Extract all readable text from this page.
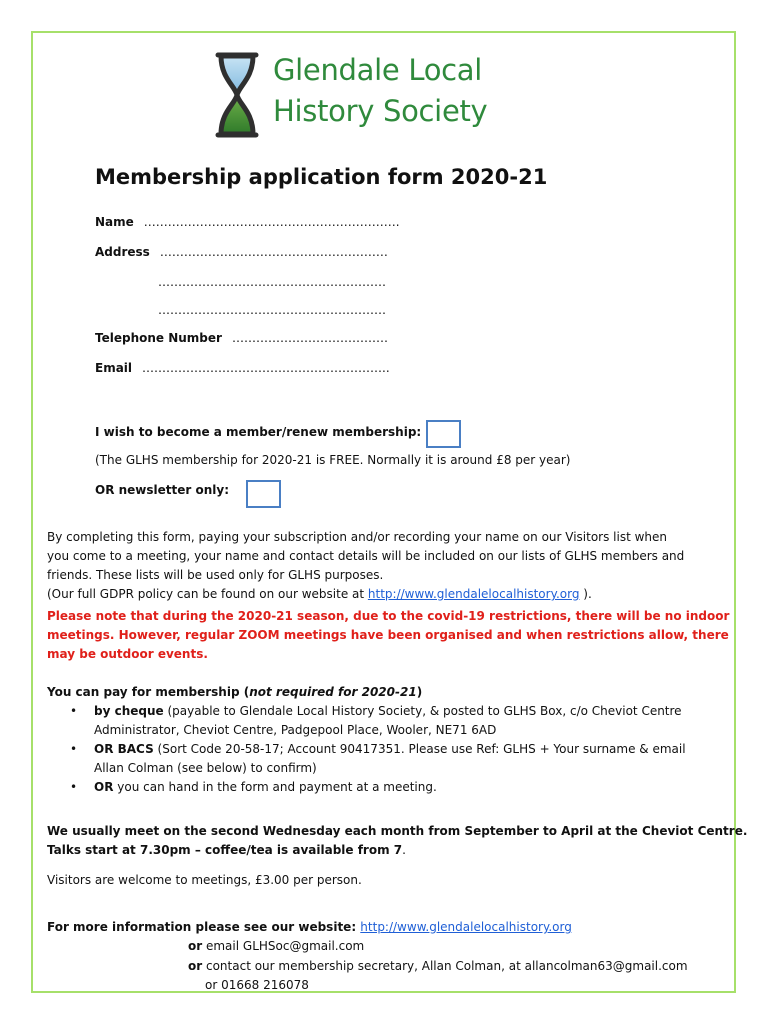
Glendale Local
History Society
Membership application form 2020-21
Name ……………………………………………………….
Address …………………………………………………
…………………………………………………
…………………………………………………
Telephone Number …………………………………
Email ……………………………………………………..
I wish to become a member/renew membership:
(The GLHS membership for 2020-21 is FREE. Normally it is around £8 per year)
OR newsletter only:
By completing this form, paying your subscription and/or recording your name on our Visitors list when
you come to a meeting, your name and contact details will be included on our lists of GLHS members and
friends. These lists will be used only for GLHS purposes.
(Our full GDPR policy can be found on our website at http://www.glendalelocalhistory.org ).
Please note that during the 2020-21 season, due to the covid-19 restrictions, there will be no indoor
meetings. However, regular ZOOM meetings have been organised and when restrictions allow, there
may be outdoor events.
You can pay for membership (not required for 2020-21)
• by cheque (payable to Glendale Local History Society, & posted to GLHS Box, c/o Cheviot Centre
Administrator, Cheviot Centre, Padgepool Place, Wooler, NE71 6AD
• OR BACS (Sort Code 20-58-17; Account 90417351. Please use Ref: GLHS + Your surname & email
Allan Colman (see below) to confirm)
• OR you can hand in the form and payment at a meeting.
We usually meet on the second Wednesday each month from September to April at the Cheviot Centre.
Talks start at 7.30pm – coffee/tea is available from 7.
Visitors are welcome to meetings, £3.00 per person.
For more information please see our website: http://www.glendalelocalhistory.org
or email GLHSoc@gmail.com
or contact our membership secretary, Allan Colman, at allancolman63@gmail.com
or 01668 216078
